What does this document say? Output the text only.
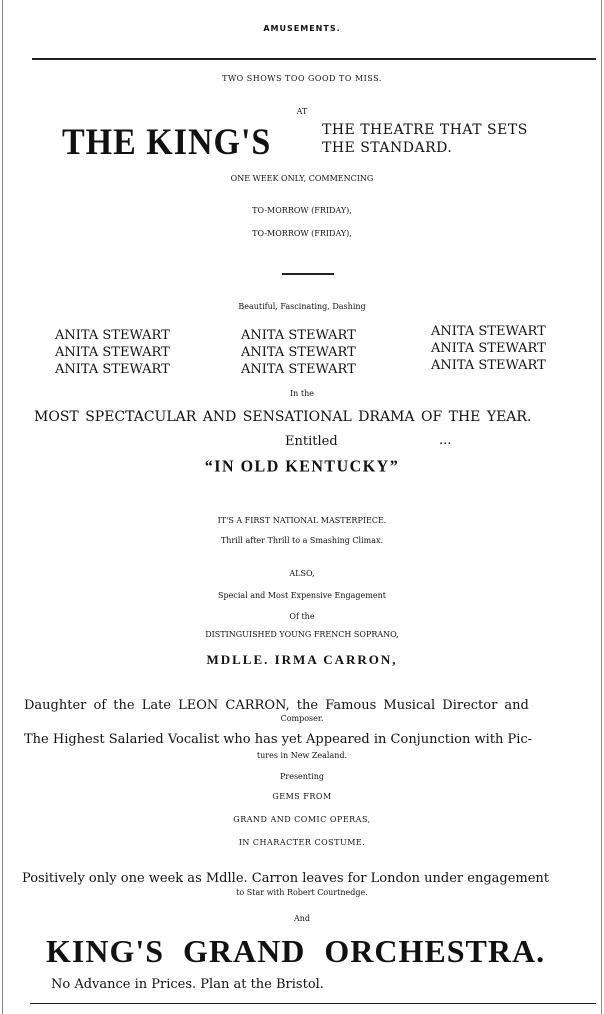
AMUSEMENTS.
TWO SHOWS TOO GOOD TO MISS.
AT
THE KING'S	THE THEATRE THAT SETS
THE STANDARD.
ONE WEEK ONLY, COMMENCING
TO-MORROW (FRIDAY),
TO-MORROW (FRIDAY),
Beautiful, Fascinating, Dashing
ANITA STEWART
ANITA STEWART
ANITA STEWART
ANITA STEWART
ANITA STEWART
ANITA STEWART
ANITA STEWART
ANITA STEWART
ANITA STEWART
In the
MOST SPECTACULAR AND SENSATIONAL DRAMA OF THE YEAR.
Entitled	...
“IN OLD KENTUCKY”
IT'S A FIRST NATIONAL MASTERPIECE.
Thrill after Thrill to a Smashing Climax.
ALSO,
Special and Most Expensive Engagement
Of the
DISTINGUISHED YOUNG FRENCH SOPRANO,
MDLLE. IRMA CARRON,
Daughter of the Late LEON CARRON, the Famous Musical Director and
Composer.
The Highest Salaried Vocalist who has yet Appeared in Conjunction with Pic-
tures in New Zealand.
Presenting
GEMS FROM
GRAND AND COMIC OPERAS,
IN CHARACTER COSTUME.
Positively only one week as Mdlle. Carron leaves for London under engagement
to Star with Robert Courtnedge.
And
KING'S GRAND ORCHESTRA.
No Advance in Prices. Plan at the Bristol.
